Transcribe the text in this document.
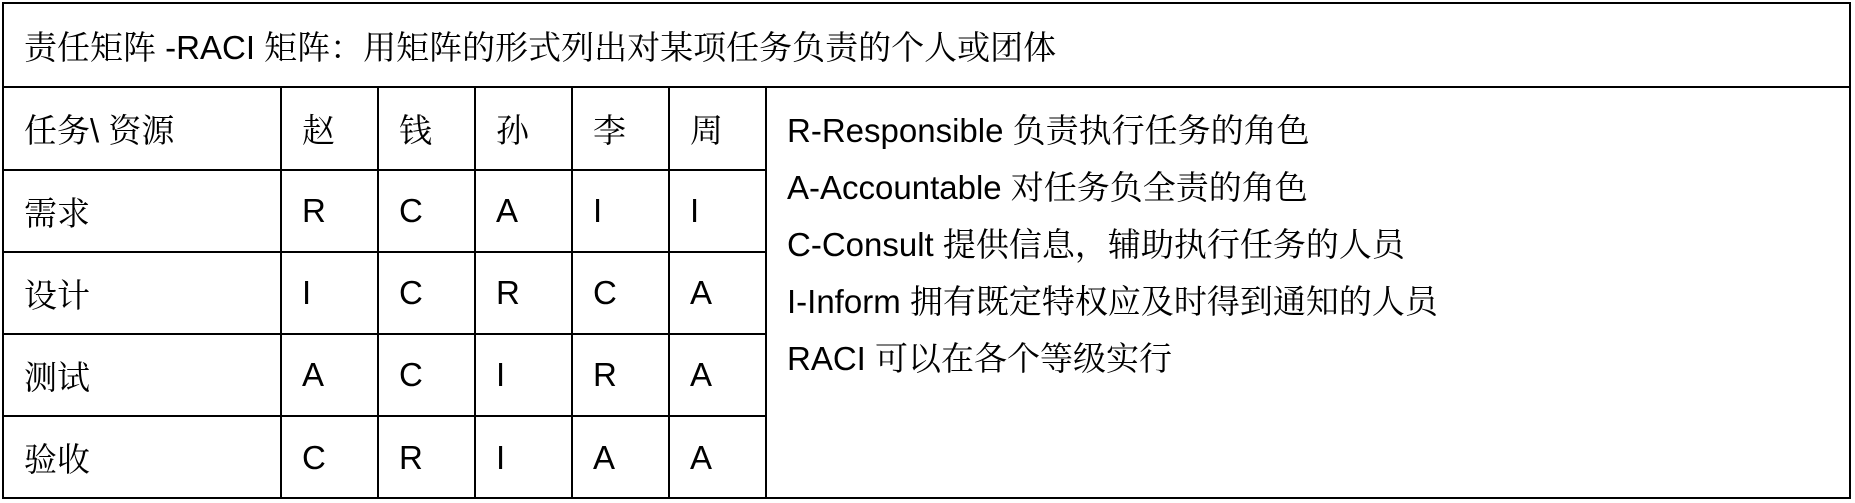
责任矩阵 -RACI 矩阵：用矩阵的形式列出对某项任务负责的个人或团体
任务\ 资源	赵	钱	孙	李	周
需求	R	C	A	I	I
设计	I	C	R	C	A
测试	A	C	I	R	A
验收	C	R	I	A	A
R-Responsible 负责执行任务的角色
A-Accountable 对任务负全责的角色
C-Consult 提供信息，辅助执行任务的人员
I-Inform 拥有既定特权应及时得到通知的人员
RACI 可以在各个等级实行
